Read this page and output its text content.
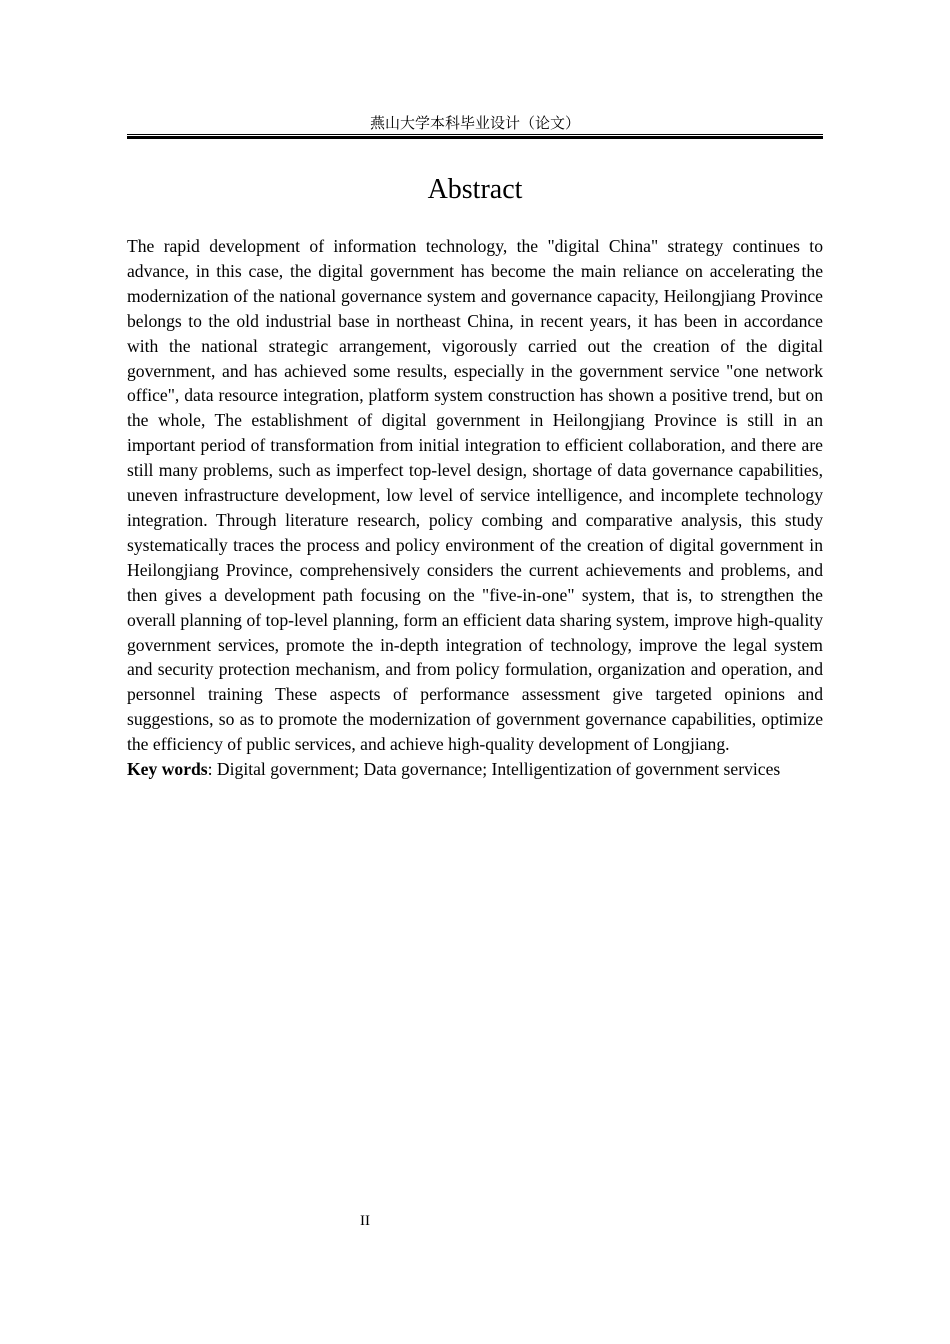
燕山大学本科毕业设计（论文）
Abstract

The rapid development of information technology, the "digital China" strategy continues to advance, in this case, the digital government has become the main reliance on accelerating the modernization of the national governance system and governance capacity, Heilongjiang Province belongs to the old industrial base in northeast China, in recent years, it has been in accordance with the national strategic arrangement, vigorously carried out the creation of the digital government, and has achieved some results, especially in the government service "one network office", data resource integration, platform system construction has shown a positive trend, but on the whole, The establishment of digital government in Heilongjiang Province is still in an important period of transformation from initial integration to efficient collaboration, and there are still many problems, such as imperfect top-level design, shortage of data governance capabilities, uneven infrastructure development, low level of service intelligence, and incomplete technology integration. Through literature research, policy combing and comparative analysis, this study systematically traces the process and policy environment of the creation of digital government in Heilongjiang Province, comprehensively considers the current achievements and problems, and then gives a development path focusing on the "five-in-one" system, that is, to strengthen the overall planning of top-level planning, form an efficient data sharing system, improve high-quality government services, promote the in-depth integration of technology, improve the legal system and security protection mechanism, and from policy formulation, organization and operation, and personnel training These aspects of performance assessment give targeted opinions and suggestions, so as to promote the modernization of government governance capabilities, optimize the efficiency of public services, and achieve high-quality development of Longjiang.

Key words: Digital government; Data governance; Intelligentization of government services

II
